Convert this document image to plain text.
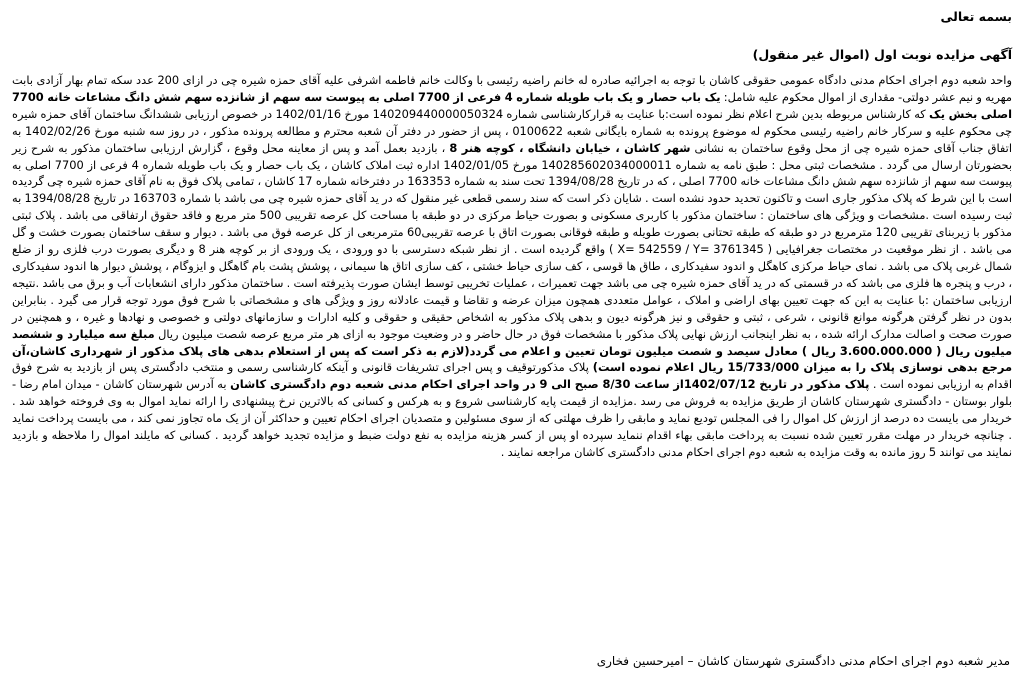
بسمه تعالی

آگهی مزایده نوبت اول (اموال غیر منقول)

واحد شعبه دوم اجرای احکام مدنی دادگاه عمومی حقوقی کاشان با توجه به اجرائیه صادره له خانم راضیه رئیسی با وکالت خانم فاطمه اشرفی علیه آقای حمزه شیره چی در ازای 200 عدد سکه تمام بهار آزادی بابت مهریه و نیم عشر دولتی- مقداری از اموال محکوم علیه شامل: یک باب حصار و یک باب طویله شماره 4 فرعی از 7700 اصلی به پیوست سه سهم از شانزده سهم شش دانگ مشاعات خانه 7700 اصلی بخش یک که کارشناس مربوطه بدین شرح اعلام نظر نموده است:با عنایت به قرارکارشناسی شماره 140209440000050324 مورخ 1402/01/16 در خصوص ارزیابی ششدانگ ساختمان آقای حمزه شیره چی محکوم علیه و سرکار خانم راضیه رئیسی محکوم له موضوع پرونده به شماره بایگانی شعبه 0100622 ، پس از حضور در دفتر آن شعبه محترم و مطالعه پرونده مذکور ، در روز سه شنبه مورخ 1402/02/26 به اتفاق جناب آقای حمزه شیره چی از محل وقوع ساختمان به نشانی شهر کاشان ، خیابان دانشگاه ، کوچه هنر 8 ، بازدید بعمل آمد و پس از معاینه محل وقوع ، گزارش ارزیابی ساختمان مذکور به شرح زیر بحضورتان ارسال می گردد . مشخصات ثبتی محل : طبق نامه به شماره 140285602034000011 مورخ 1402/01/05 اداره ثبت املاک کاشان ، یک باب حصار و یک باب طویله شماره 4 فرعی از 7700 اصلی به پیوست سه سهم از شانزده سهم شش دانگ مشاعات خانه 7700 اصلی ، که در تاریخ 1394/08/28 تحت سند به شماره 163353 در دفترخانه شماره 17 کاشان ، تمامی پلاک فوق به نام آقای حمزه شیره چی گردیده است با این شرط که پلاک مذکور جاری است و تاکنون تحدید حدود نشده است . شایان ذکر است که سند رسمی قطعی غیر منقول که در ید آقای حمزه شیره چی می باشد با شماره 163703 در تاریخ 1394/08/28 به ثبت رسیده است .مشخصات و ویژگی های ساختمان : ساختمان مذکور با کاربری مسکونی و بصورت حیاط مرکزی در دو طبقه با مساحت کل عرصه تقریبی 500 متر مربع و فاقد حقوق ارتفاقی می باشد . پلاک ثبتی مذکور با زیربنای تقریبی 120 مترمربع در دو طبقه که طبقه تحتانی بصورت طویله و طبقه فوقانی بصورت اتاق با عرصه تقریبی60 مترمربعی از کل عرصه فوق می باشد . دیوار و سقف ساختمان بصورت خشت و گل می باشد . از نظر موقعیت در مختصات جغرافیایی ( X= 542559 / Y= 3761345 ) واقع گردیده است . از نظر شبکه دسترسی با دو ورودی ، یک ورودی از بر کوچه هنر 8 و دیگری بصورت درب فلزی رو از ضلع شمال غربی پلاک می باشد . نمای حیاط مرکزی کاهگل و اندود سفیدکاری ، طاق ها قوسی ، کف سازی حیاط خشتی ، کف سازی اتاق ها سیمانی ، پوشش پشت بام گاهگل و ایزوگام ، پوشش دیوار ها اندود سفیدکاری ، درب و پنجره ها فلزی می باشد که در قسمتی که در ید آقای حمزه شیره چی می باشد جهت تعمیرات ، عملیات تخریبی توسط ایشان صورت پذیرفته است . ساختمان مذکور دارای انشعابات آب و برق می باشد .نتیجه ارزیابی ساختمان :با عنایت به این که جهت تعیین بهای اراضی و املاک ، عوامل متعددی همچون میزان عرضه و تقاضا و قیمت عادلانه روز و ویژگی های و مشخصاتی با شرح فوق مورد توجه قرار می گیرد . بنابراین بدون در نظر گرفتن هرگونه موانع قانونی ، شرعی ، ثبتی و حقوقی و نیز هرگونه دیون و بدهی پلاک مذکور به اشخاص حقیقی و حقوقی و کلیه ادارات و سازمانهای دولتی و خصوصی و نهادها و غیره ، و همچنین در صورت صحت و اصالت مدارک ارائه شده ، به نظر اینجانب ارزش نهایی پلاک مذکور با مشخصات فوق در حال حاضر و در وضعیت موجود به ازای هر متر مربع عرصه شصت میلیون ریال مبلغ سه میلیارد و ششصد میلیون ریال ( 3.600.000.000 ریال ) معادل سیصد و شصت میلیون تومان تعیین و اعلام می گردد(لازم به ذکر است که پس از استعلام بدهی های پلاک مذکور از شهرداری کاشان،آن مرجع بدهی نوسازی پلاک را به میزان 15/733/000 ریال اعلام نموده است) پلاک مذکورتوقیف و پس اجرای تشریفات قانونی و آینکه کارشناسی رسمی و منتخب دادگستری پس از بازدید به شرح فوق اقدام به ارزیابی نموده است . پلاک مذکور در تاریخ 1402/07/12از ساعت 8/30 صبح الی 9 در واحد اجرای احکام مدنی شعبه دوم دادگستری کاشان به آدرس شهرستان کاشان - میدان امام رضا - بلوار بوستان - دادگستری شهرستان کاشان از طریق مزایده به فروش می رسد .مزایده از قیمت پایه کارشناسی شروع و به هرکس و کسانی که بالاترین نرخ پیشنهادی را ارائه نماید اموال به وی فروخته خواهد شد . خریدار می بایست ده درصد از ارزش کل اموال را فی المجلس تودیع نماید و مابقی را ظرف مهلتی که از سوی مسئولین و متصدیان اجرای احکام تعیین و حداکثر آن از یک ماه تجاوز نمی کند ، می بایست پرداخت نماید . چنانچه خریدار در مهلت مقرر تعیین شده نسبت به پرداخت مابقی بهاء اقدام ننماید سپرده او پس از کسر هزینه مزایده به نفع دولت ضبط و مزایده تجدید خواهد گردید . کسانی که مایلند اموال را ملاحظه و بازدید نمایند می توانند 5 روز مانده به وقت مزایده به شعبه دوم اجرای احکام مدنی دادگستری کاشان مراجعه نمایند .

مدیر شعبه دوم اجرای احکام مدنی دادگستری شهرستان کاشان – امیرحسین فخاری
